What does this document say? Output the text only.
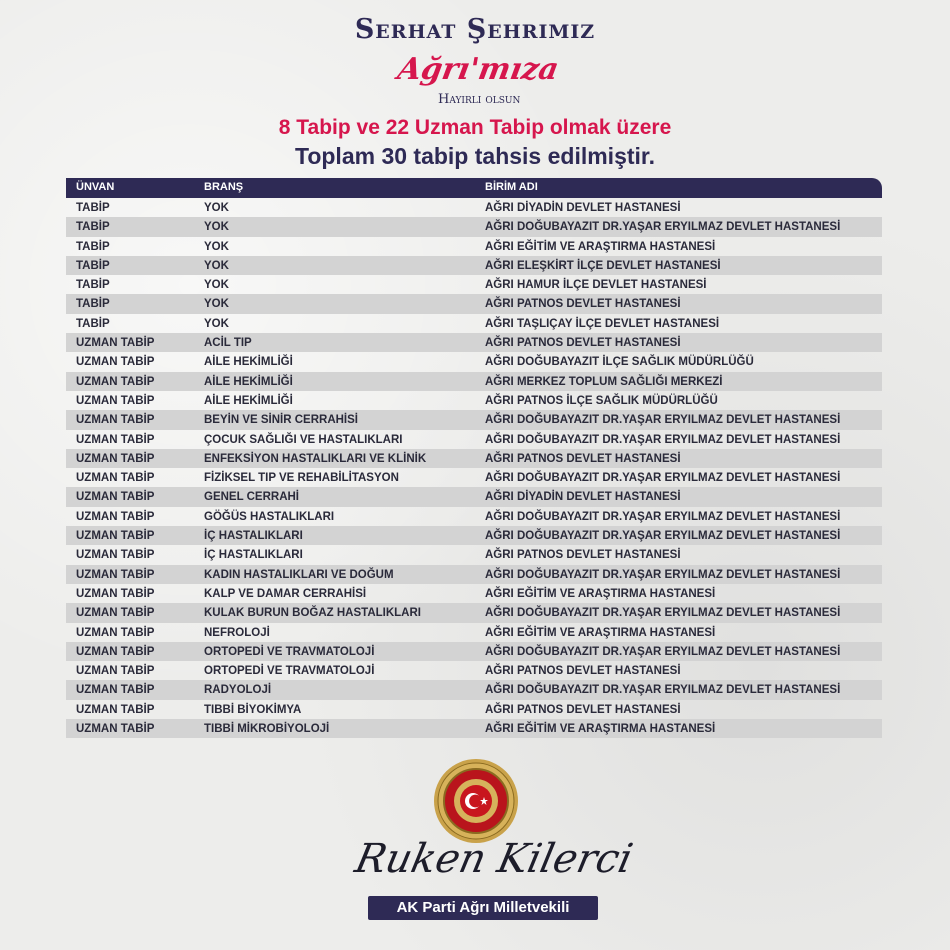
Serhat Şehrimiz
Ağrı'mıza
Hayırlı olsun
8 Tabip ve 22 Uzman Tabip olmak üzere
Toplam 30 tabip tahsis edilmiştir.
ÜNVAN	BRANŞ	BİRİM ADI
TABİP	YOK	AĞRI DİYADİN DEVLET HASTANESİ
TABİP	YOK	AĞRI DOĞUBAYAZIT DR.YAŞAR ERYILMAZ DEVLET HASTANESİ
TABİP	YOK	AĞRI EĞİTİM VE ARAŞTIRMA HASTANESİ
TABİP	YOK	AĞRI ELEŞKİRT İLÇE DEVLET HASTANESİ
TABİP	YOK	AĞRI HAMUR İLÇE DEVLET HASTANESİ
TABİP	YOK	AĞRI PATNOS DEVLET HASTANESİ
TABİP	YOK	AĞRI TAŞLIÇAY İLÇE DEVLET HASTANESİ
UZMAN TABİP	ACİL TIP	AĞRI PATNOS DEVLET HASTANESİ
UZMAN TABİP	AİLE HEKİMLİĞİ	AĞRI DOĞUBAYAZIT İLÇE SAĞLIK MÜDÜRLÜĞÜ
UZMAN TABİP	AİLE HEKİMLİĞİ	AĞRI MERKEZ TOPLUM SAĞLIĞI MERKEZİ
UZMAN TABİP	AİLE HEKİMLİĞİ	AĞRI PATNOS İLÇE SAĞLIK MÜDÜRLÜĞÜ
UZMAN TABİP	BEYİN VE SİNİR CERRAHİSİ	AĞRI DOĞUBAYAZIT DR.YAŞAR ERYILMAZ DEVLET HASTANESİ
UZMAN TABİP	ÇOCUK SAĞLIĞI VE HASTALIKLARI	AĞRI DOĞUBAYAZIT DR.YAŞAR ERYILMAZ DEVLET HASTANESİ
UZMAN TABİP	ENFEKSİYON HASTALIKLARI VE KLİNİK	AĞRI PATNOS DEVLET HASTANESİ
UZMAN TABİP	FİZİKSEL TIP VE REHABİLİTASYON	AĞRI DOĞUBAYAZIT DR.YAŞAR ERYILMAZ DEVLET HASTANESİ
UZMAN TABİP	GENEL CERRAHİ	AĞRI DİYADİN DEVLET HASTANESİ
UZMAN TABİP	GÖĞÜS HASTALIKLARI	AĞRI DOĞUBAYAZIT DR.YAŞAR ERYILMAZ DEVLET HASTANESİ
UZMAN TABİP	İÇ HASTALIKLARI	AĞRI DOĞUBAYAZIT DR.YAŞAR ERYILMAZ DEVLET HASTANESİ
UZMAN TABİP	İÇ HASTALIKLARI	AĞRI PATNOS DEVLET HASTANESİ
UZMAN TABİP	KADIN HASTALIKLARI VE DOĞUM	AĞRI DOĞUBAYAZIT DR.YAŞAR ERYILMAZ DEVLET HASTANESİ
UZMAN TABİP	KALP VE DAMAR CERRAHİSİ	AĞRI EĞİTİM VE ARAŞTIRMA HASTANESİ
UZMAN TABİP	KULAK BURUN BOĞAZ HASTALIKLARI	AĞRI DOĞUBAYAZIT DR.YAŞAR ERYILMAZ DEVLET HASTANESİ
UZMAN TABİP	NEFROLOJİ	AĞRI EĞİTİM VE ARAŞTIRMA HASTANESİ
UZMAN TABİP	ORTOPEDİ VE TRAVMATOLOJİ	AĞRI DOĞUBAYAZIT DR.YAŞAR ERYILMAZ DEVLET HASTANESİ
UZMAN TABİP	ORTOPEDİ VE TRAVMATOLOJİ	AĞRI PATNOS DEVLET HASTANESİ
UZMAN TABİP	RADYOLOJİ	AĞRI DOĞUBAYAZIT DR.YAŞAR ERYILMAZ DEVLET HASTANESİ
UZMAN TABİP	TIBBİ BİYOKİMYA	AĞRI PATNOS DEVLET HASTANESİ
UZMAN TABİP	TIBBİ MİKROBİYOLOJİ	AĞRI EĞİTİM VE ARAŞTIRMA HASTANESİ
Ruken Kilerci
AK Parti Ağrı Milletvekili
